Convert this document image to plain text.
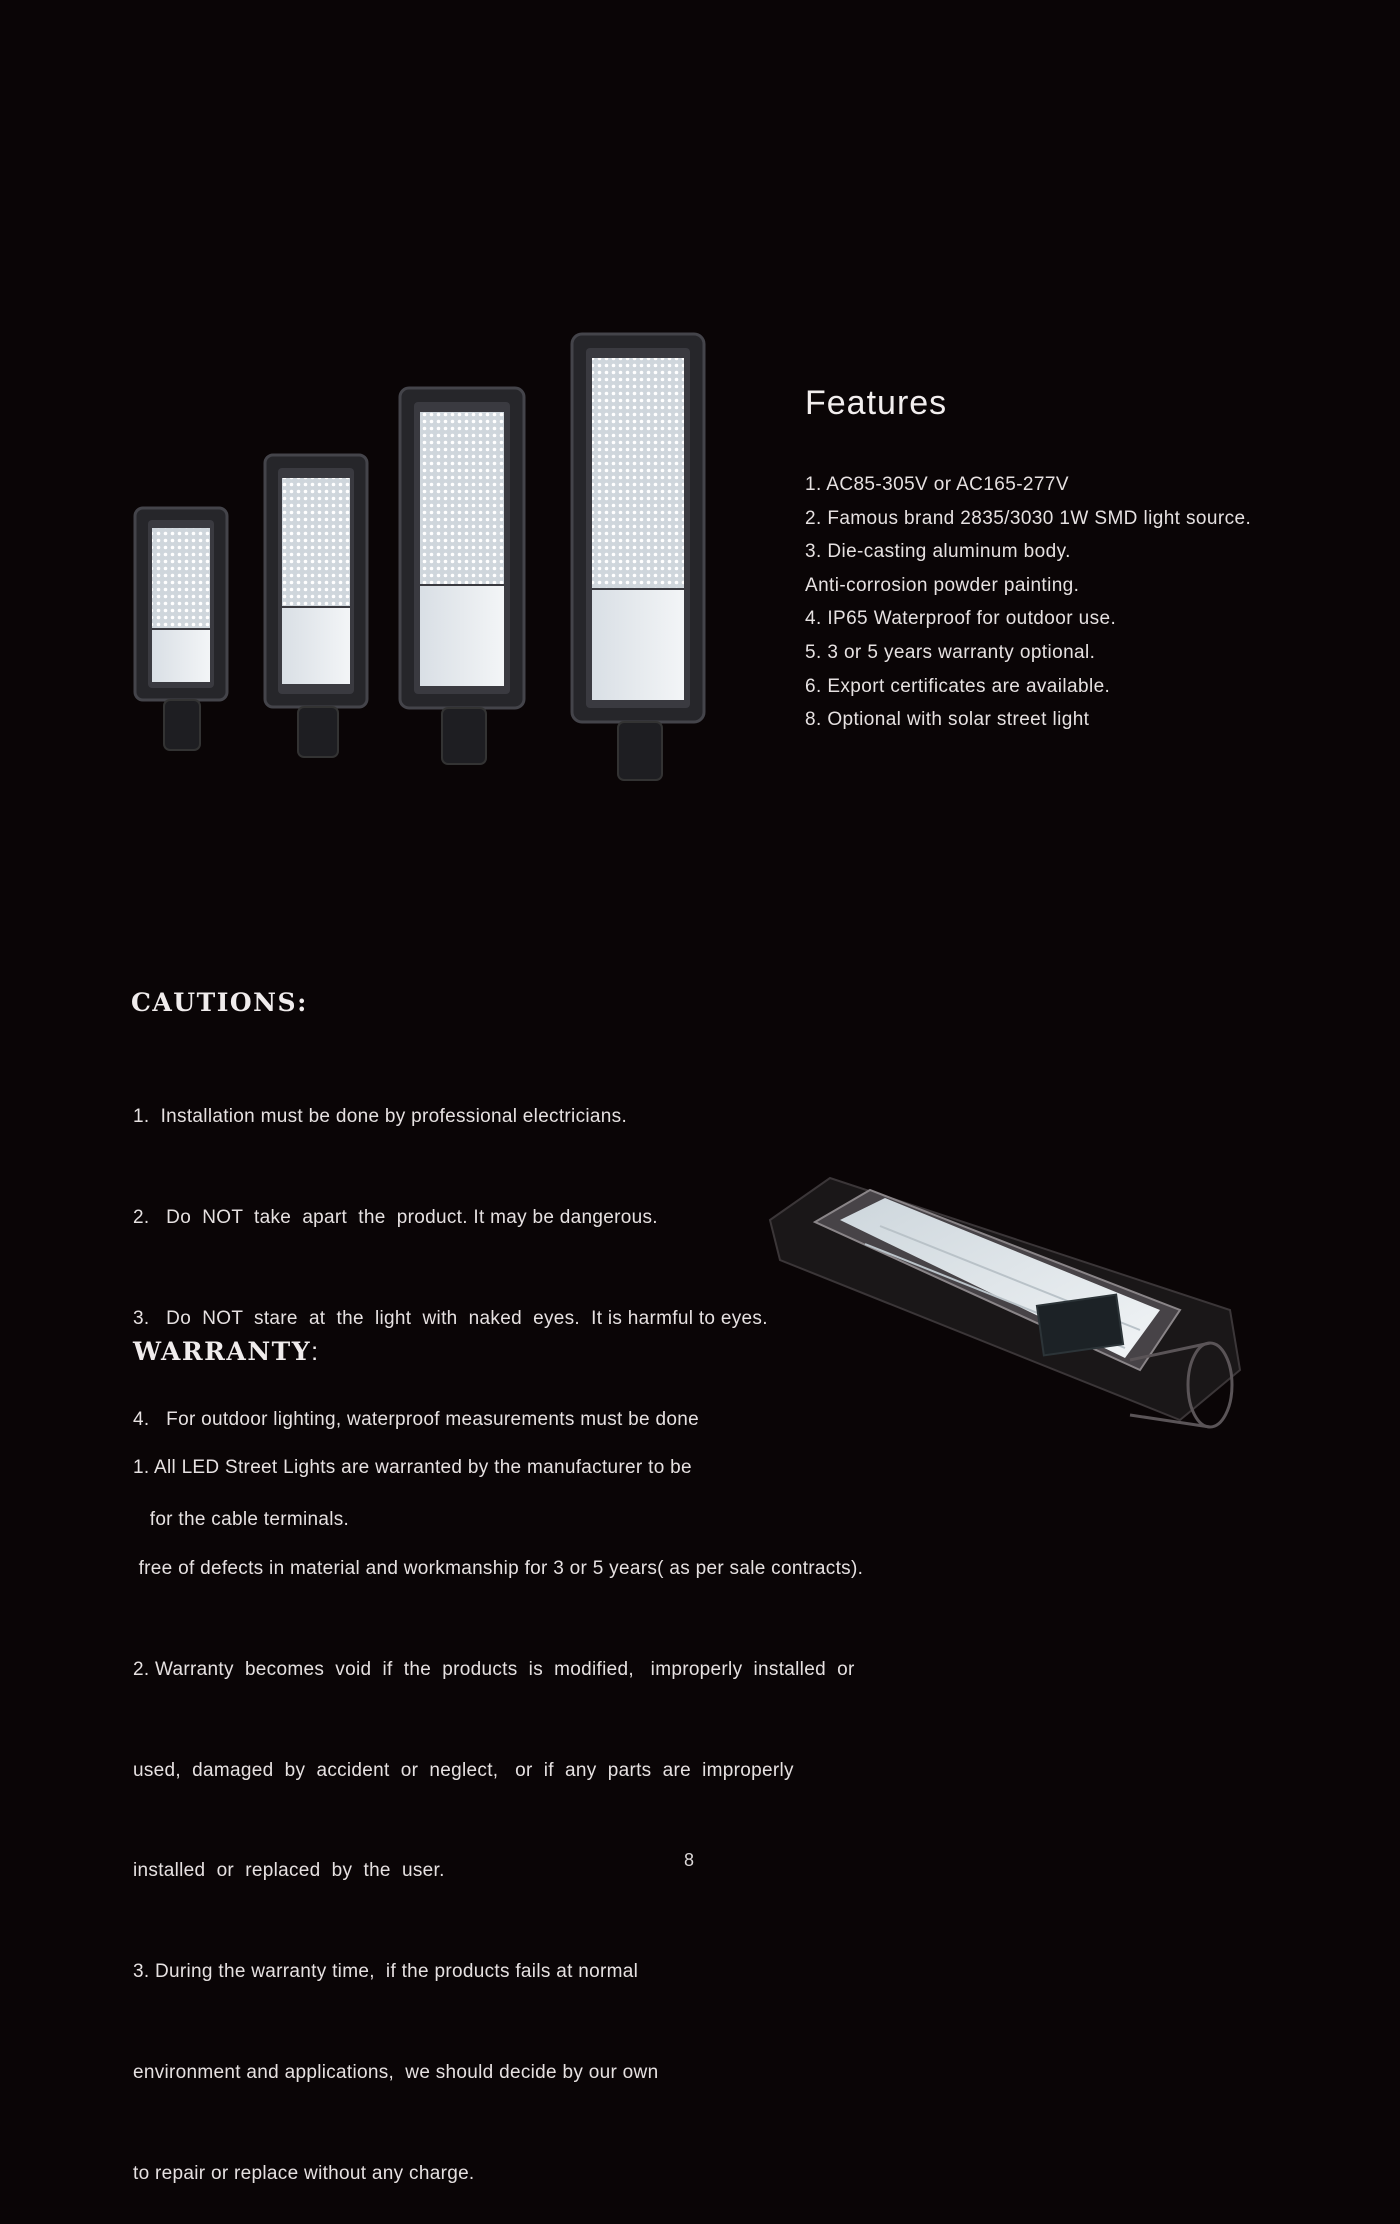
Features
1. AC85-305V or AC165-277V
2. Famous brand 2835/3030 1W SMD light source.
3. Die-casting aluminum body.
Anti-corrosion powder painting.
4. IP65 Waterproof for outdoor use.
5. 3 or 5 years warranty optional.
6. Export certificates are available.
8. Optional with solar street light
CAUTIONS:

1.  Installation must be done by professional electricians.

2.   Do  NOT  take  apart  the  product. It may be dangerous.

3.   Do  NOT  stare  at  the  light  with  naked  eyes.  It is harmful to eyes.

4.   For outdoor lighting, waterproof measurements must be done

for the cable terminals.

WARRANTY:

1. All LED Street Lights are warranted by the manufacturer to be

free of defects in material and workmanship for 3 or 5 years( as per sale contracts).

2. Warranty  becomes  void  if  the  products  is  modified,   improperly  installed  or

used,  damaged  by  accident  or  neglect,   or  if  any  parts  are  improperly

installed  or  replaced  by  the  user.

3. During the warranty time,  if the products fails at normal

environment and applications,  we should decide by our own

to repair or replace without any charge.

8
